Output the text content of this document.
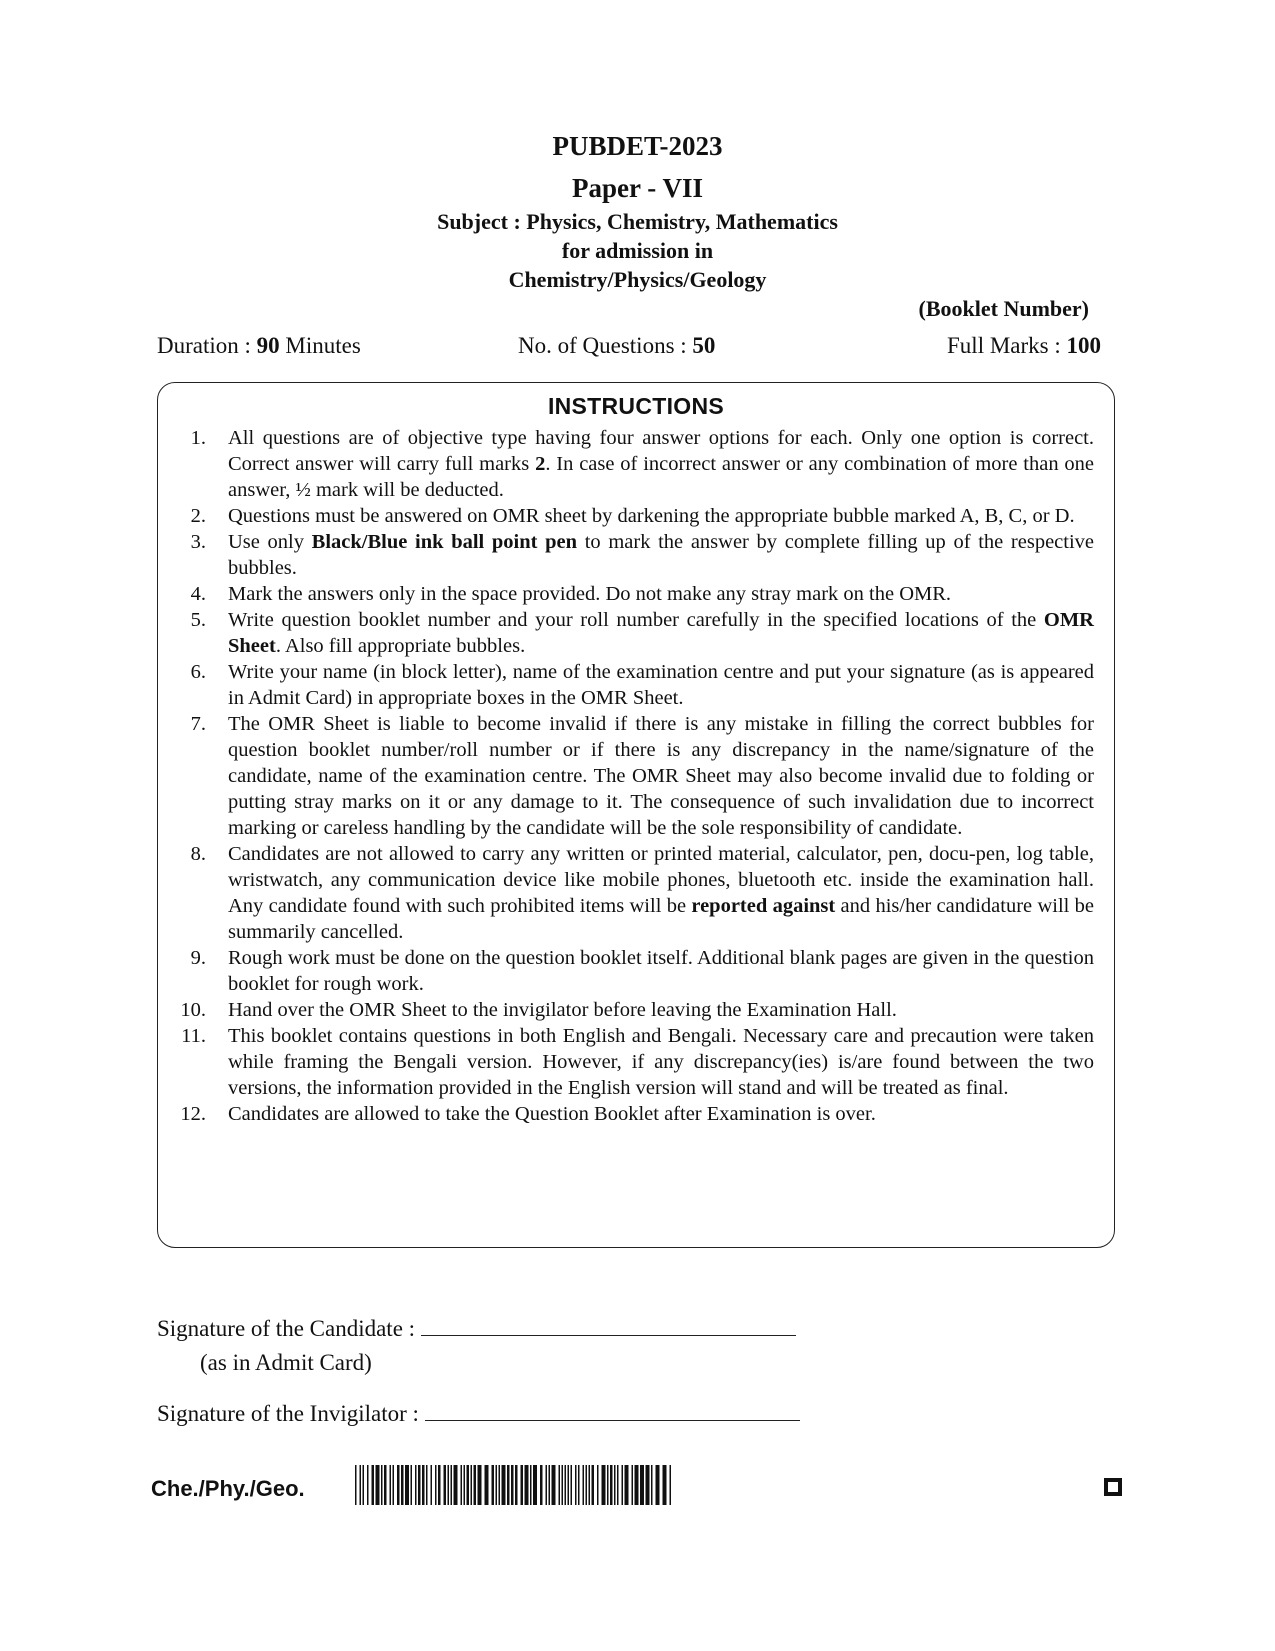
PUBDET-2023
Paper - VII
Subject : Physics, Chemistry, Mathematics
for admission in
Chemistry/Physics/Geology
(Booklet Number)
Duration : 90 Minutes	No. of Questions : 50	Full Marks : 100
INSTRUCTIONS
1. All questions are of objective type having four answer options for each. Only one option is correct. Correct answer will carry full marks 2. In case of incorrect answer or any combination of more than one answer, ½ mark will be deducted.
2. Questions must be answered on OMR sheet by darkening the appropriate bubble marked A, B, C, or D.
3. Use only Black/Blue ink ball point pen to mark the answer by complete filling up of the respective bubbles.
4. Mark the answers only in the space provided. Do not make any stray mark on the OMR.
5. Write question booklet number and your roll number carefully in the specified locations of the OMR Sheet. Also fill appropriate bubbles.
6. Write your name (in block letter), name of the examination centre and put your signature (as is appeared in Admit Card) in appropriate boxes in the OMR Sheet.
7. The OMR Sheet is liable to become invalid if there is any mistake in filling the correct bubbles for question booklet number/roll number or if there is any discrepancy in the name/signature of the candidate, name of the examination centre. The OMR Sheet may also become invalid due to folding or putting stray marks on it or any damage to it. The consequence of such invalidation due to incorrect marking or careless handling by the candidate will be the sole responsibility of candidate.
8. Candidates are not allowed to carry any written or printed material, calculator, pen, docu-pen, log table, wristwatch, any communication device like mobile phones, bluetooth etc. inside the examination hall. Any candidate found with such prohibited items will be reported against and his/her candidature will be summarily cancelled.
9. Rough work must be done on the question booklet itself. Additional blank pages are given in the question booklet for rough work.
10. Hand over the OMR Sheet to the invigilator before leaving the Examination Hall.
11. This booklet contains questions in both English and Bengali. Necessary care and precaution were taken while framing the Bengali version. However, if any discrepancy(ies) is/are found between the two versions, the information provided in the English version will stand and will be treated as final.
12. Candidates are allowed to take the Question Booklet after Examination is over.
Signature of the Candidate :
(as in Admit Card)
Signature of the Invigilator :
Che./Phy./Geo.
